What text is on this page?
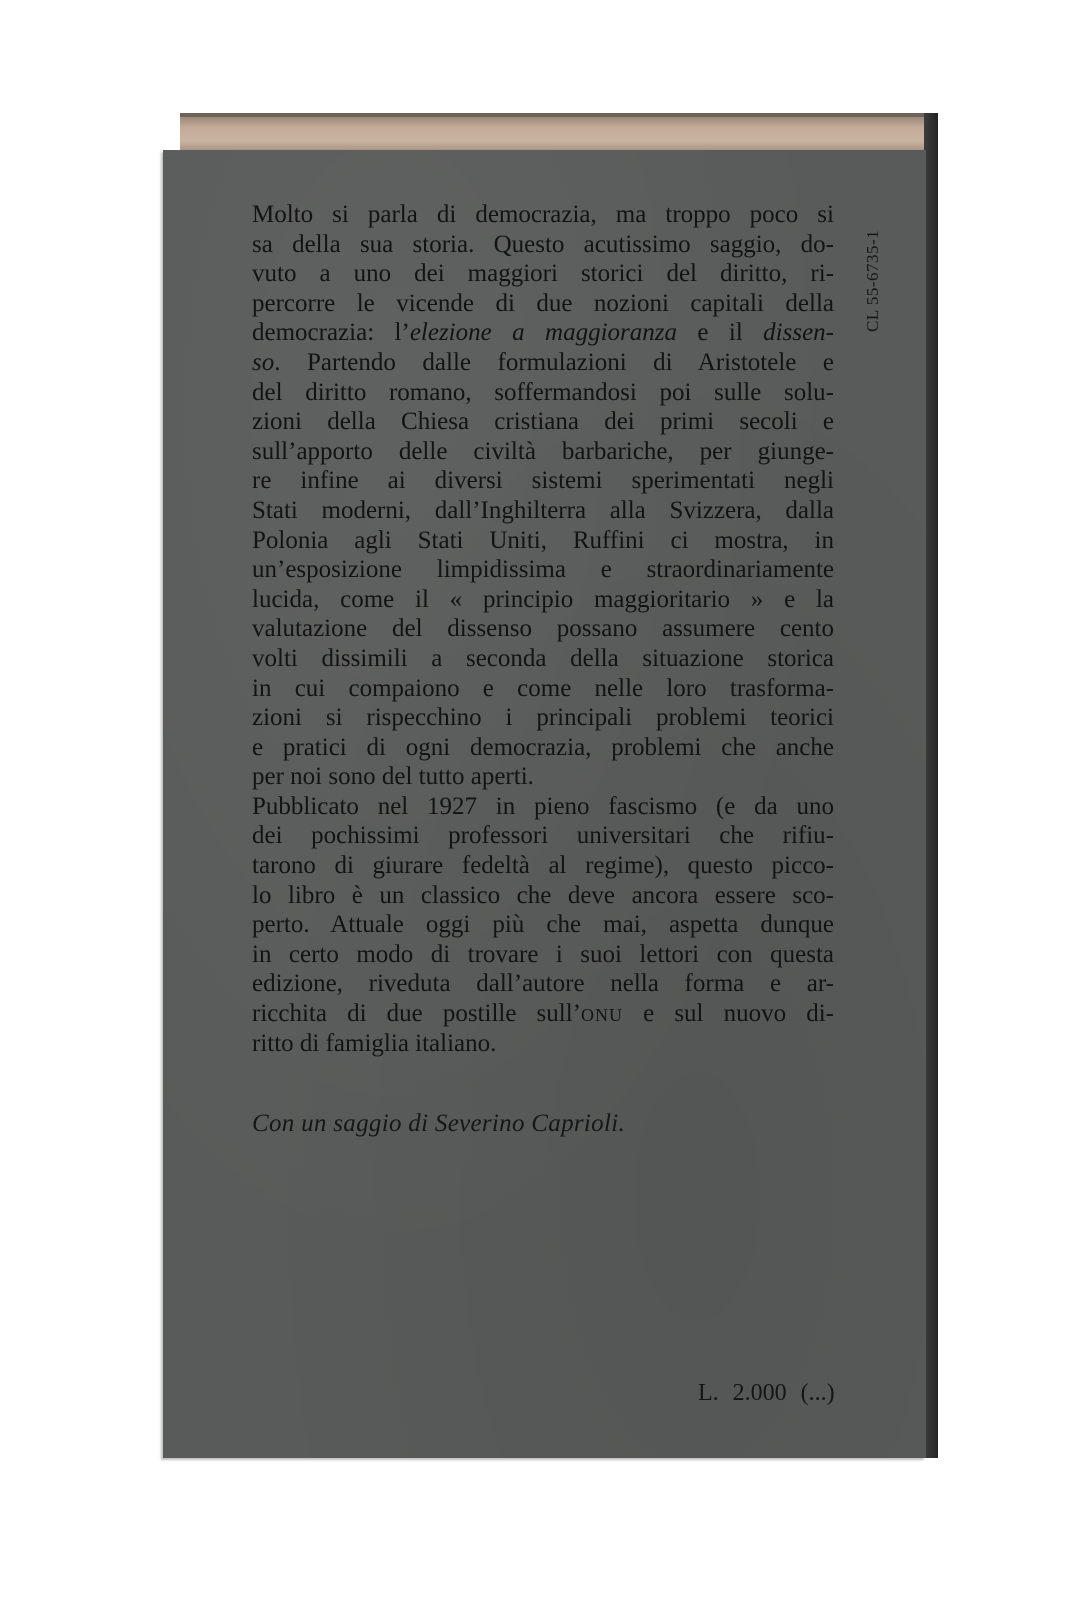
Molto si parla di democrazia, ma troppo poco si
sa della sua storia. Questo acutissimo saggio, do-
vuto a uno dei maggiori storici del diritto, ri-
percorre le vicende di due nozioni capitali della
democrazia: l’elezione a maggioranza e il dissen-
so. Partendo dalle formulazioni di Aristotele e
del diritto romano, soffermandosi poi sulle solu-
zioni della Chiesa cristiana dei primi secoli e
sull’apporto delle civiltà barbariche, per giunge-
re infine ai diversi sistemi sperimentati negli
Stati moderni, dall’Inghilterra alla Svizzera, dalla
Polonia agli Stati Uniti, Ruffini ci mostra, in
un’esposizione limpidissima e straordinariamente
lucida, come il « principio maggioritario » e la
valutazione del dissenso possano assumere cento
volti dissimili a seconda della situazione storica
in cui compaiono e come nelle loro trasforma-
zioni si rispecchino i principali problemi teorici
e pratici di ogni democrazia, problemi che anche
per noi sono del tutto aperti.
Pubblicato nel 1927 in pieno fascismo (e da uno
dei pochissimi professori universitari che rifiu-
tarono di giurare fedeltà al regime), questo picco-
lo libro è un classico che deve ancora essere sco-
perto. Attuale oggi più che mai, aspetta dunque
in certo modo di trovare i suoi lettori con questa
edizione, riveduta dall’autore nella forma e ar-
ricchita di due postille sull’ONU e sul nuovo di-
ritto di famiglia italiano.
Con un saggio di Severino Caprioli.
CL 55-6735-1
L. 2.000 (...)
